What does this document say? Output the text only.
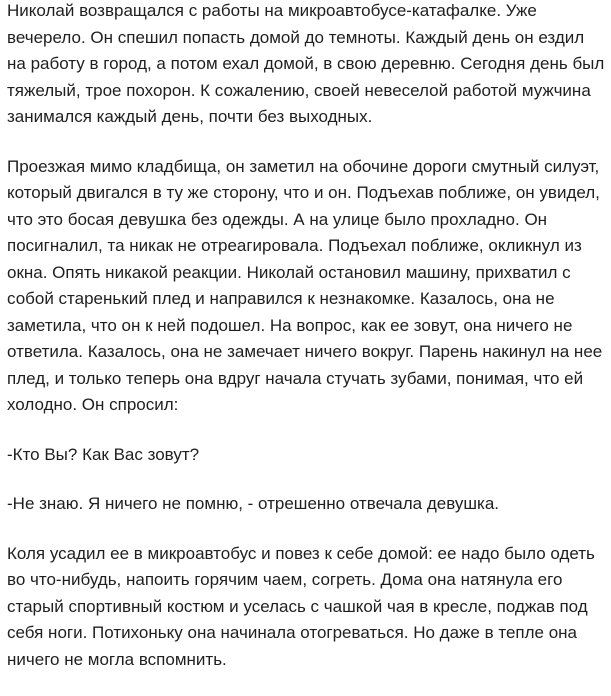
Николай возвращался с работы на микроавтобусе-катафалке. Уже вечерело. Он спешил попасть домой до темноты. Каждый день он ездил на работу в город, а потом ехал домой, в свою деревню. Сегодня день был тяжелый, трое похорон. К сожалению, своей невеселой работой мужчина занимался каждый день, почти без выходных.

Проезжая мимо кладбища, он заметил на обочине дороги смутный силуэт, который двигался в ту же сторону, что и он. Подъехав поближе, он увидел, что это босая девушка без одежды. А на улице было прохладно. Он посигналил, та никак не отреагировала. Подъехал поближе, окликнул из окна. Опять никакой реакции. Николай остановил машину, прихватил с собой старенький плед и направился к незнакомке. Казалось, она не заметила, что он к ней подошел. На вопрос, как ее зовут, она ничего не ответила. Казалось, она не замечает ничего вокруг. Парень накинул на нее плед, и только теперь она вдруг начала стучать зубами, понимая, что ей холодно. Он спросил:

-Кто Вы? Как Вас зовут?

-Не знаю. Я ничего не помню, - отрешенно отвечала девушка.

Коля усадил ее в микроавтобус и повез к себе домой: ее надо было одеть во что-нибудь, напоить горячим чаем, согреть. Дома она натянула его старый спортивный костюм и уселась с чашкой чая в кресле, поджав под себя ноги. Потихоньку она начинала отогреваться. Но даже в тепле она ничего не могла вспомнить.
